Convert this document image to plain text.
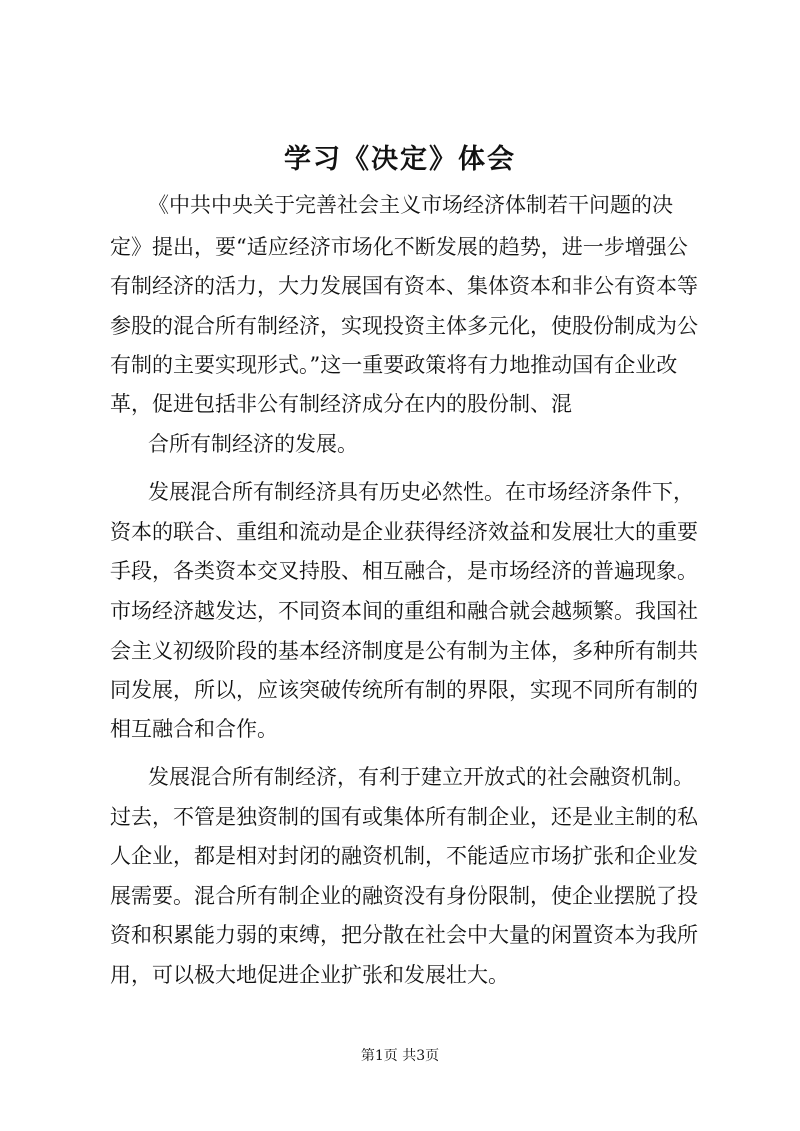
学习《决定》体会
《中共中央关于完善社会主义市场经济体制若干问题的决
定》提出，要“适应经济市场化不断发展的趋势，进一步增强公
有制经济的活力，大力发展国有资本、集体资本和非公有资本等
参股的混合所有制经济，实现投资主体多元化，使股份制成为公
有制的主要实现形式。”这一重要政策将有力地推动国有企业改
革，促进包括非公有制经济成分在内的股份制、混
合所有制经济的发展。
发展混合所有制经济具有历史必然性。在市场经济条件下，
资本的联合、重组和流动是企业获得经济效益和发展壮大的重要
手段，各类资本交叉持股、相互融合，是市场经济的普遍现象。
市场经济越发达，不同资本间的重组和融合就会越频繁。我国社
会主义初级阶段的基本经济制度是公有制为主体，多种所有制共
同发展，所以，应该突破传统所有制的界限，实现不同所有制的
相互融合和合作。
发展混合所有制经济，有利于建立开放式的社会融资机制。
过去，不管是独资制的国有或集体所有制企业，还是业主制的私
人企业，都是相对封闭的融资机制，不能适应市场扩张和企业发
展需要。混合所有制企业的融资没有身份限制，使企业摆脱了投
资和积累能力弱的束缚，把分散在社会中大量的闲置资本为我所
用，可以极大地促进企业扩张和发展壮大。
第1页 共3页
